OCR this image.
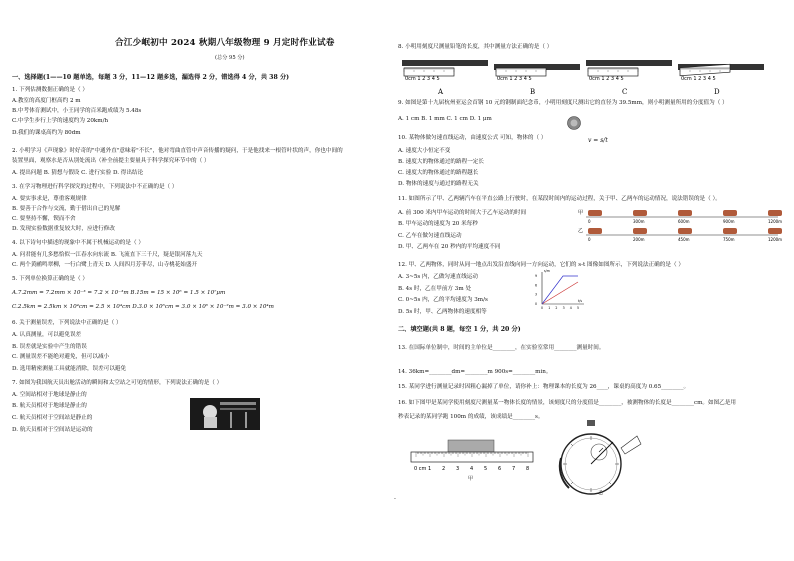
合江少岷初中 2024 秋期八年级物理 9 月定时作业试卷
(总分 95 分)
一、选择题(1——10 题单选，每题 3 分，11—12 题多选，漏选得 2 分，错选得 4 分，共 38 分)
1. 下列估测数据正确的是（ ）
A.教室的高度门框高约 2 m
B.中考体育测试中，小王同学的百米跑成绩为 5.48s
C.中学生步行上学的速度约为 20km/h
D.我们的课桌高约为 80dm
2. 小明学习《声现象》时好奇的"中通外直"意味着"不长"，他对弯曲直管中声音传播的疑问，于是他找来一根管叶状的声，你也中间的
装置里面，观察水是否从别处流出（补全前提主要量具于科学探究环节中的（ ）
A. 提出问题 B. 猜想与假设 C. 进行实验 D. 得出结论
3. 在学习物理进行科学探究的过程中，下列说法中不正确的是（ ）
A. 要实事求是，尊重客观规律
B. 要善于合作与交流，勤于借出自己的见解
C. 要坚持不懈，锲而不舍
D. 发现实验数据重复较大时，应进行修改
4. 以下诗句中描述的现象中不属于机械运动的是（ ）
A. 问君能有几多愁恰似一江春水向东流 B. 飞流直下三千尺，疑是银河落九天
C. 两个黄鹂鸣翠柳，一行白鹭上青天 D. 人间四月芳菲尽，山寺桃花始盛开
5. 下列单位换算正确的是（ ）
A.7.2mm = 7.2mm × 10⁻³ = 7.2 × 10⁻³m B.15m = 15 × 10⁶ = 1.5 × 10⁷μm
C.2.5km = 2.5km × 10⁴cm = 2.5 × 10⁴cm D.3.0 × 10⁶cm = 3.0 × 10⁶ × 10⁻²m = 3.0 × 10⁴m
6. 关于测量误差，下列说法中正确的是（ ）
A. 认真测量，可以避免误差
B. 误差就是实验中产生的错误
C. 测量误差不能绝对避免，但可以减小
D. 选用精密测量工具就能消除，误差可以避免
7. 如图为我国航天员出舱活动的瞬间和太空站之可见的情形，下列说法正确的是（ ）
A. 空间站相对于地球是静止的
B. 航天员相对于地球是静止的
C. 航天员相对于空间站是静止的
D. 航天员相对于空间站是运动的
8. 小明用刻度尺测量铅笔的长度，其中测量方法正确的是（ ）
9. 如图是第十九届杭州亚运会首钢 10 元的钢制面纪念币，小明用刻度尺测出它的直径为 39.5mm，则小明测量所用的分度值为（ ）
A. 1 cm B. 1 mm C. 1 cm D. 1 μm
10. 某物体做匀速直线运动，由速度公式 可知，物体的（ ）
A. 速度大小恒定不变
B. 速度大的物体通过的路程一定长
C. 速度大的物体通过的路程越长
D. 物体的速度与通过的路程无关
11. 如图所示了甲、乙两辆汽车在平直公路上行驶时，在某段时间内的运动过程，关于甲、乙两车的运动情况，说法错误的是（ ）。
A. 前 300 米内甲车运动的时间大于乙车运动的时间
B. 甲车运动的速度为 20 米每秒
C. 乙车在做匀速直线运动
D. 甲、乙两车在 20 秒内的平均速度不同
12. 甲、乙两物体，同时从同一地点出发沿直线向同一方向运动，它们的 s-t 图像如图所示，下列说法正确的是（ ）
A. 3~5s 内，乙做匀速直线运动
B. 4s 时，乙在甲前方 3m 处
C. 0~5s 内，乙的平均速度为 3m/s
D. 5s 时，甲、乙两物体的速度相等
二、填空题(共 8 题，每空 1 分，共 20 分)
13. 在国际单位制中，时间的主单位是________，在实验室常用________测量时间。
14. 36km=________dm=________m 900s=________min。
15. 某同学进行测量记录时因粗心漏掉了单位，请你补上：物理课本的长度为 26____，课桌的高度为 0.65________。
16. 如下图甲是某同学使用刻度尺测量某一物体长度的情景，该刻度尺的分度值是________，被测物体的长度是________cm。如图乙是用
秒表记录的某同学跑 100m 的成绩，该成绩是________s。
0cm 1 2 3 4 5
A
0cm 1 2 3 4 5
B
0cm 1 2 3 4 5
C
0cm 1 2 3 4 5
D
v = s/t
甲
0	300m	600m	900m	1200m
乙
0	200m	450m	750m	1200m
0 1 2 3 4 5
0
3
6
9
t/s
s/m
0 cm 1 2 3 4 5 6 7 8
甲
乙
-
